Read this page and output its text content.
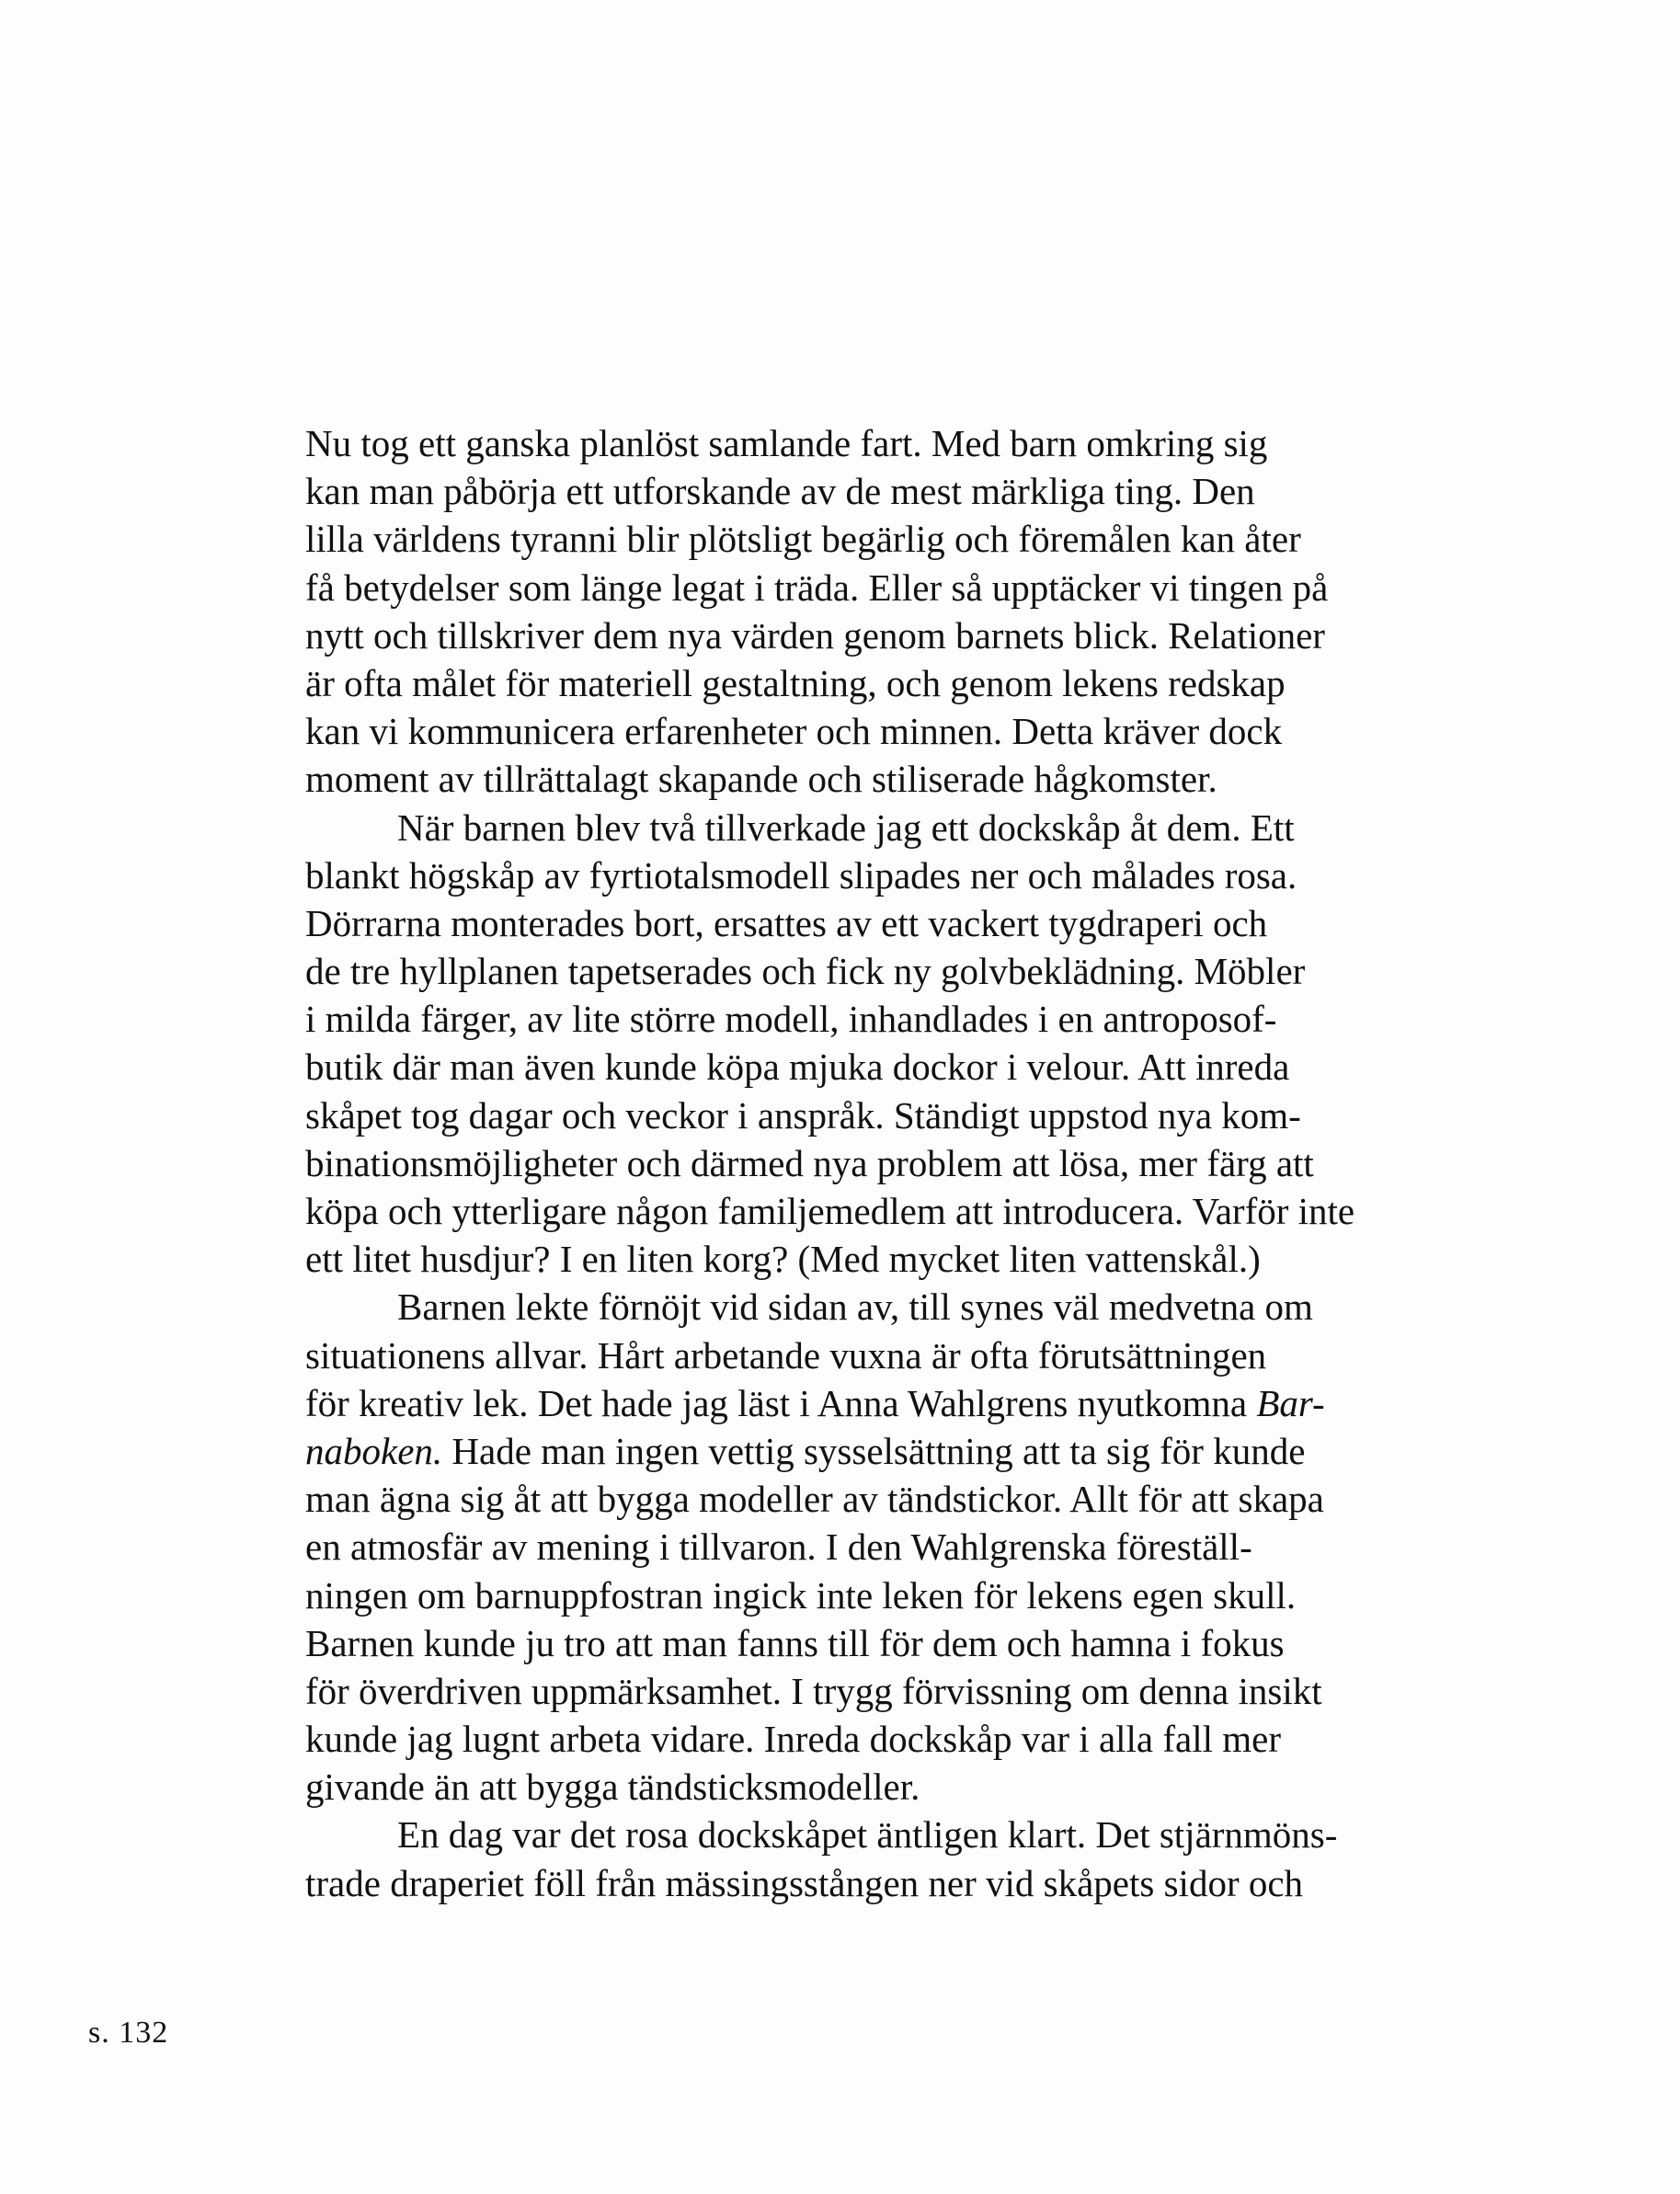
Nu tog ett ganska planlöst samlande fart. Med barn omkring sig
kan man påbörja ett utforskande av de mest märkliga ting. Den
lilla världens tyranni blir plötsligt begärlig och föremålen kan åter
få betydelser som länge legat i träda. Eller så upptäcker vi tingen på
nytt och tillskriver dem nya värden genom barnets blick. Relationer
är ofta målet för materiell gestaltning, och genom lekens redskap
kan vi kommunicera erfarenheter och minnen. Detta kräver dock
moment av tillrättalagt skapande och stiliserade hågkomster.
När barnen blev två tillverkade jag ett dockskåp åt dem. Ett
blankt högskåp av fyrtiotalsmodell slipades ner och målades rosa.
Dörrarna monterades bort, ersattes av ett vackert tygdraperi och
de tre hyllplanen tapetserades och fick ny golvbeklädning. Möbler
i milda färger, av lite större modell, inhandlades i en antroposof-
butik där man även kunde köpa mjuka dockor i velour. Att inreda
skåpet tog dagar och veckor i anspråk. Ständigt uppstod nya kom-
binationsmöjligheter och därmed nya problem att lösa, mer färg att
köpa och ytterligare någon familjemedlem att introducera. Varför inte
ett litet husdjur? I en liten korg? (Med mycket liten vattenskål.)
Barnen lekte förnöjt vid sidan av, till synes väl medvetna om
situationens allvar. Hårt arbetande vuxna är ofta förutsättningen
för kreativ lek. Det hade jag läst i Anna Wahlgrens nyutkomna Bar-
naboken. Hade man ingen vettig sysselsättning att ta sig för kunde
man ägna sig åt att bygga modeller av tändstickor. Allt för att skapa
en atmosfär av mening i tillvaron. I den Wahlgrenska föreställ-
ningen om barnuppfostran ingick inte leken för lekens egen skull.
Barnen kunde ju tro att man fanns till för dem och hamna i fokus
för överdriven uppmärksamhet. I trygg förvissning om denna insikt
kunde jag lugnt arbeta vidare. Inreda dockskåp var i alla fall mer
givande än att bygga tändsticksmodeller.
En dag var det rosa dockskåpet äntligen klart. Det stjärnmöns-
trade draperiet föll från mässingsstången ner vid skåpets sidor och
s. 132
